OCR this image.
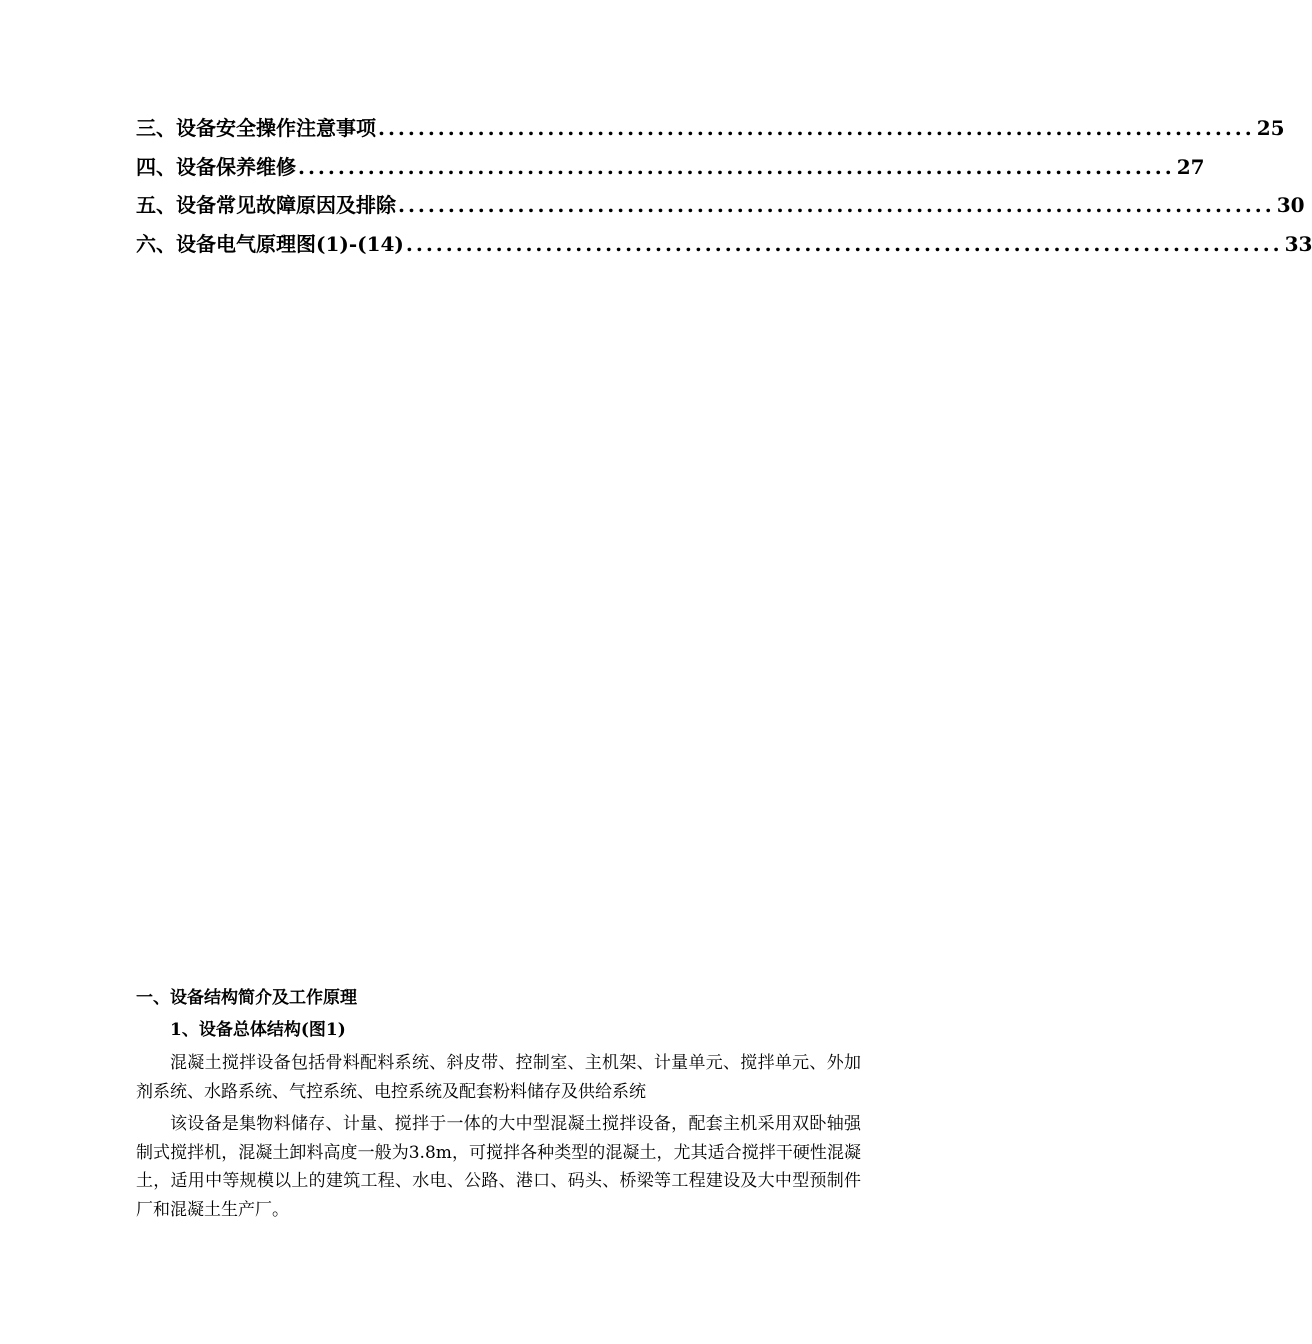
三、设备安全操作注意事项 ........................................................................................ 25
四、设备保养维修 ........................................................................................ 27
五、设备常见故障原因及排除 ........................................................................................ 30
六、设备电气原理图(1)-(14) ........................................................................................ 33
一、设备结构简介及工作原理
1、设备总体结构(图1)

混凝土搅拌设备包括骨料配料系统、斜皮带、控制室、主机架、计量单元、搅拌单元、外加剂系统、水路系统、气控系统、电控系统及配套粉料储存及供给系统

该设备是集物料储存、计量、搅拌于一体的大中型混凝土搅拌设备，配套主机采用双卧轴强制式搅拌机，混凝土卸料高度一般为3.8m，可搅拌各种类型的混凝土，尤其适合搅拌干硬性混凝土，适用中等规模以上的建筑工程、水电、公路、港口、码头、桥梁等工程建设及大中型预制件厂和混凝土生产厂。
